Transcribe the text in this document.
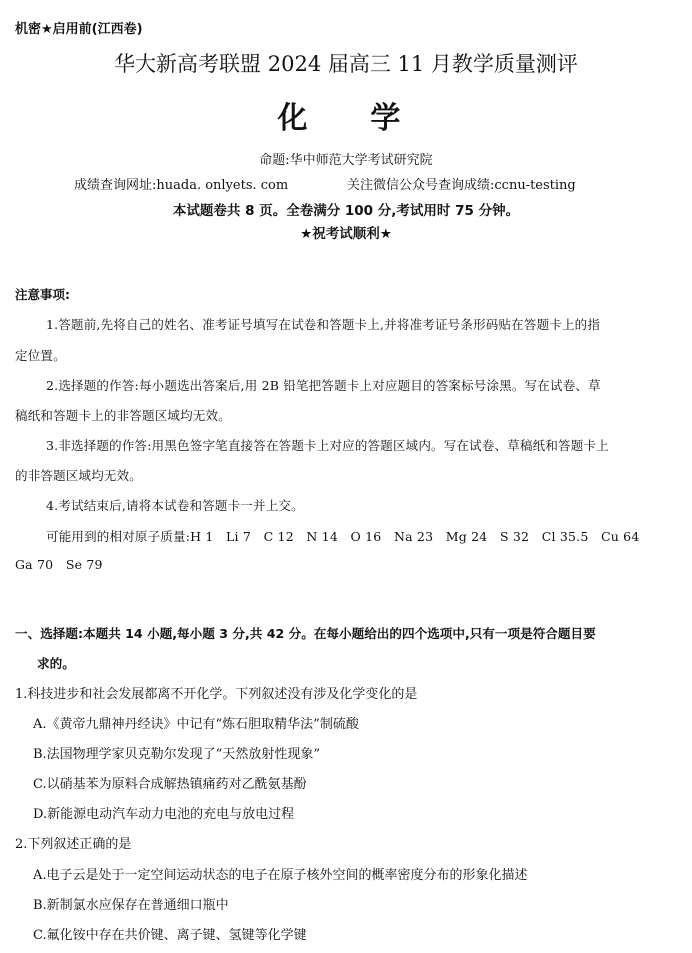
机密★启用前(江西卷)
华大新高考联盟 2024 届高三 11 月教学质量测评
化  学
命题:华中师范大学考试研究院
成绩查询网址:huada. onlyets. com	关注微信公众号查询成绩:ccnu-testing
本试题卷共 8 页。全卷满分 100 分,考试用时 75 分钟。
★祝考试顺利★
注意事项:
1.答题前,先将自己的姓名、准考证号填写在试卷和答题卡上,并将准考证号条形码贴在答题卡上的指
定位置。
2.选择题的作答:每小题选出答案后,用 2B 铅笔把答题卡上对应题目的答案标号涂黑。写在试卷、草
稿纸和答题卡上的非答题区域均无效。
3.非选择题的作答:用黑色签字笔直接答在答题卡上对应的答题区域内。写在试卷、草稿纸和答题卡上
的非答题区域均无效。
4.考试结束后,请将本试卷和答题卡一并上交。
可能用到的相对原子质量:H 1   Li 7   C 12   N 14   O 16   Na 23   Mg 24   S 32   Cl 35.5   Cu 64
Ga 70   Se 79
一、选择题:本题共 14 小题,每小题 3 分,共 42 分。在每小题给出的四个选项中,只有一项是符合题目要
求的。
1.科技进步和社会发展都离不开化学。下列叙述没有涉及化学变化的是
A.《黄帝九鼎神丹经诀》中记有“炼石胆取精华法”制硫酸
B.法国物理学家贝克勒尔发现了“天然放射性现象”
C.以硝基苯为原料合成解热镇痛药对乙酰氨基酚
D.新能源电动汽车动力电池的充电与放电过程
2.下列叙述正确的是
A.电子云是处于一定空间运动状态的电子在原子核外空间的概率密度分布的形象化描述
B.新制氯水应保存在普通细口瓶中
C.氟化铵中存在共价键、离子键、氢键等化学键
